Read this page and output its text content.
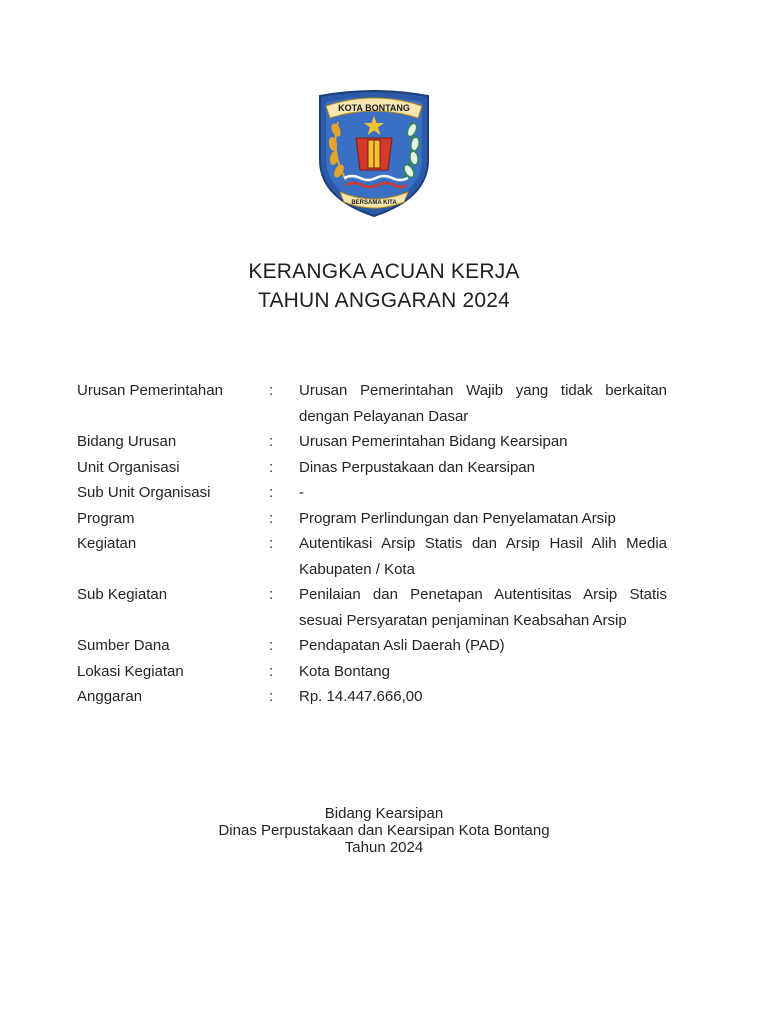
KOTA BONTANG
BERSAMA KITA
KERANGKA ACUAN KERJA
TAHUN ANGGARAN 2024
Urusan Pemerintahan	:	Urusan Pemerintahan Wajib yang tidak berkaitan dengan Pelayanan Dasar
Bidang Urusan	:	Urusan Pemerintahan Bidang Kearsipan
Unit Organisasi	:	Dinas Perpustakaan dan Kearsipan
Sub Unit Organisasi	:	-
Program	:	Program Perlindungan dan Penyelamatan Arsip
Kegiatan	:	Autentikasi Arsip Statis dan Arsip Hasil Alih Media Kabupaten / Kota
Sub Kegiatan	:	Penilaian dan Penetapan Autentisitas Arsip Statis sesuai Persyaratan penjaminan Keabsahan Arsip
Sumber Dana	:	Pendapatan Asli Daerah (PAD)
Lokasi Kegiatan	:	Kota Bontang
Anggaran	:	Rp. 14.447.666,00
Bidang Kearsipan
Dinas Perpustakaan dan Kearsipan Kota Bontang
Tahun 2024
